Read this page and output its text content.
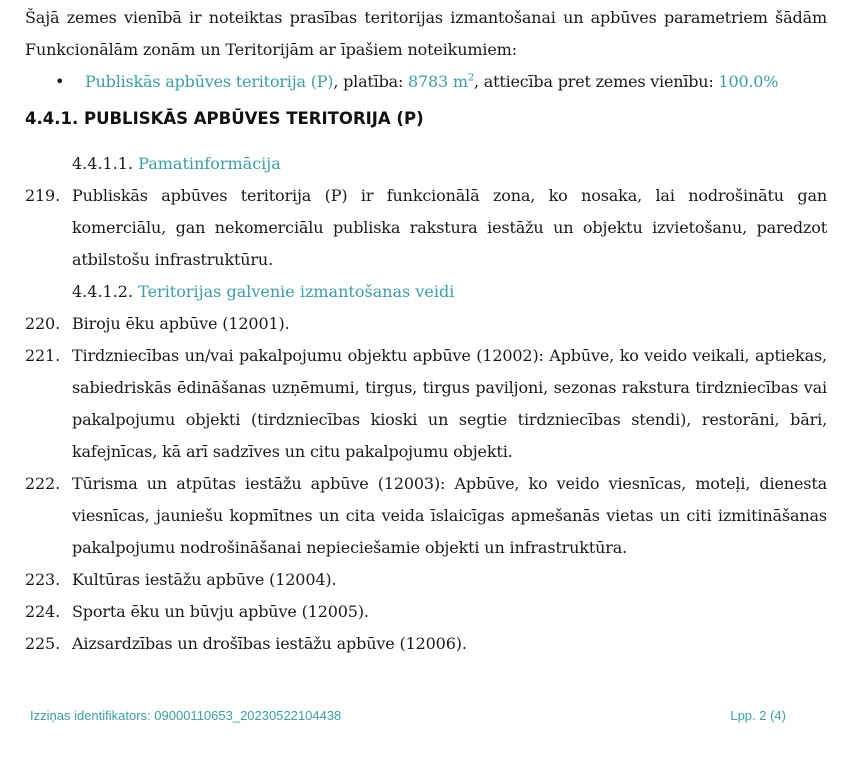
Šajā zemes vienībā ir noteiktas prasības teritorijas izmantošanai un apbūves parametriem šādām Funkcionālām zonām un Teritorijām ar īpašiem noteikumiem:

• Publiskās apbūves teritorija (P), platība: 8783 $m^2$, attiecība pret zemes vienību: 100.0%
4.4.1. PUBLISKĀS APBŪVES TERITORIJA (P)
4.4.1.1. Pamatinformācija
219. Publiskās apbūves teritorija (P) ir funkcionālā zona, ko nosaka, lai nodrošinātu gan komerciālu, gan nekomerciālu publiska rakstura iestāžu un objektu izvietošanu, paredzot atbilstošu infrastruktūru.
4.4.1.2. Teritorijas galvenie izmantošanas veidi
220. Biroju ēku apbūve (12001).
221. Tirdzniecības un/vai pakalpojumu objektu apbūve (12002): Apbūve, ko veido veikali, aptiekas, sabiedriskās ēdināšanas uzņēmumi, tirgus, tirgus paviljoni, sezonas rakstura tirdzniecības vai pakalpojumu objekti (tirdzniecības kioski un segtie tirdzniecības stendi), restorāni, bāri, kafejnīcas, kā arī sadzīves un citu pakalpojumu objekti.
222. Tūrisma un atpūtas iestāžu apbūve (12003): Apbūve, ko veido viesnīcas, moteļi, dienesta viesnīcas, jauniešu kopmītnes un cita veida īslaicīgas apmešanās vietas un citi izmitināšanas pakalpojumu nodrošināšanai nepieciešamie objekti un infrastruktūra.
223. Kultūras iestāžu apbūve (12004).
224. Sporta ēku un būvju apbūve (12005).
225. Aizsardzības un drošības iestāžu apbūve (12006).
Izziņas identifikators: 09000110653_20230522104438	Lpp. 2 (4)
